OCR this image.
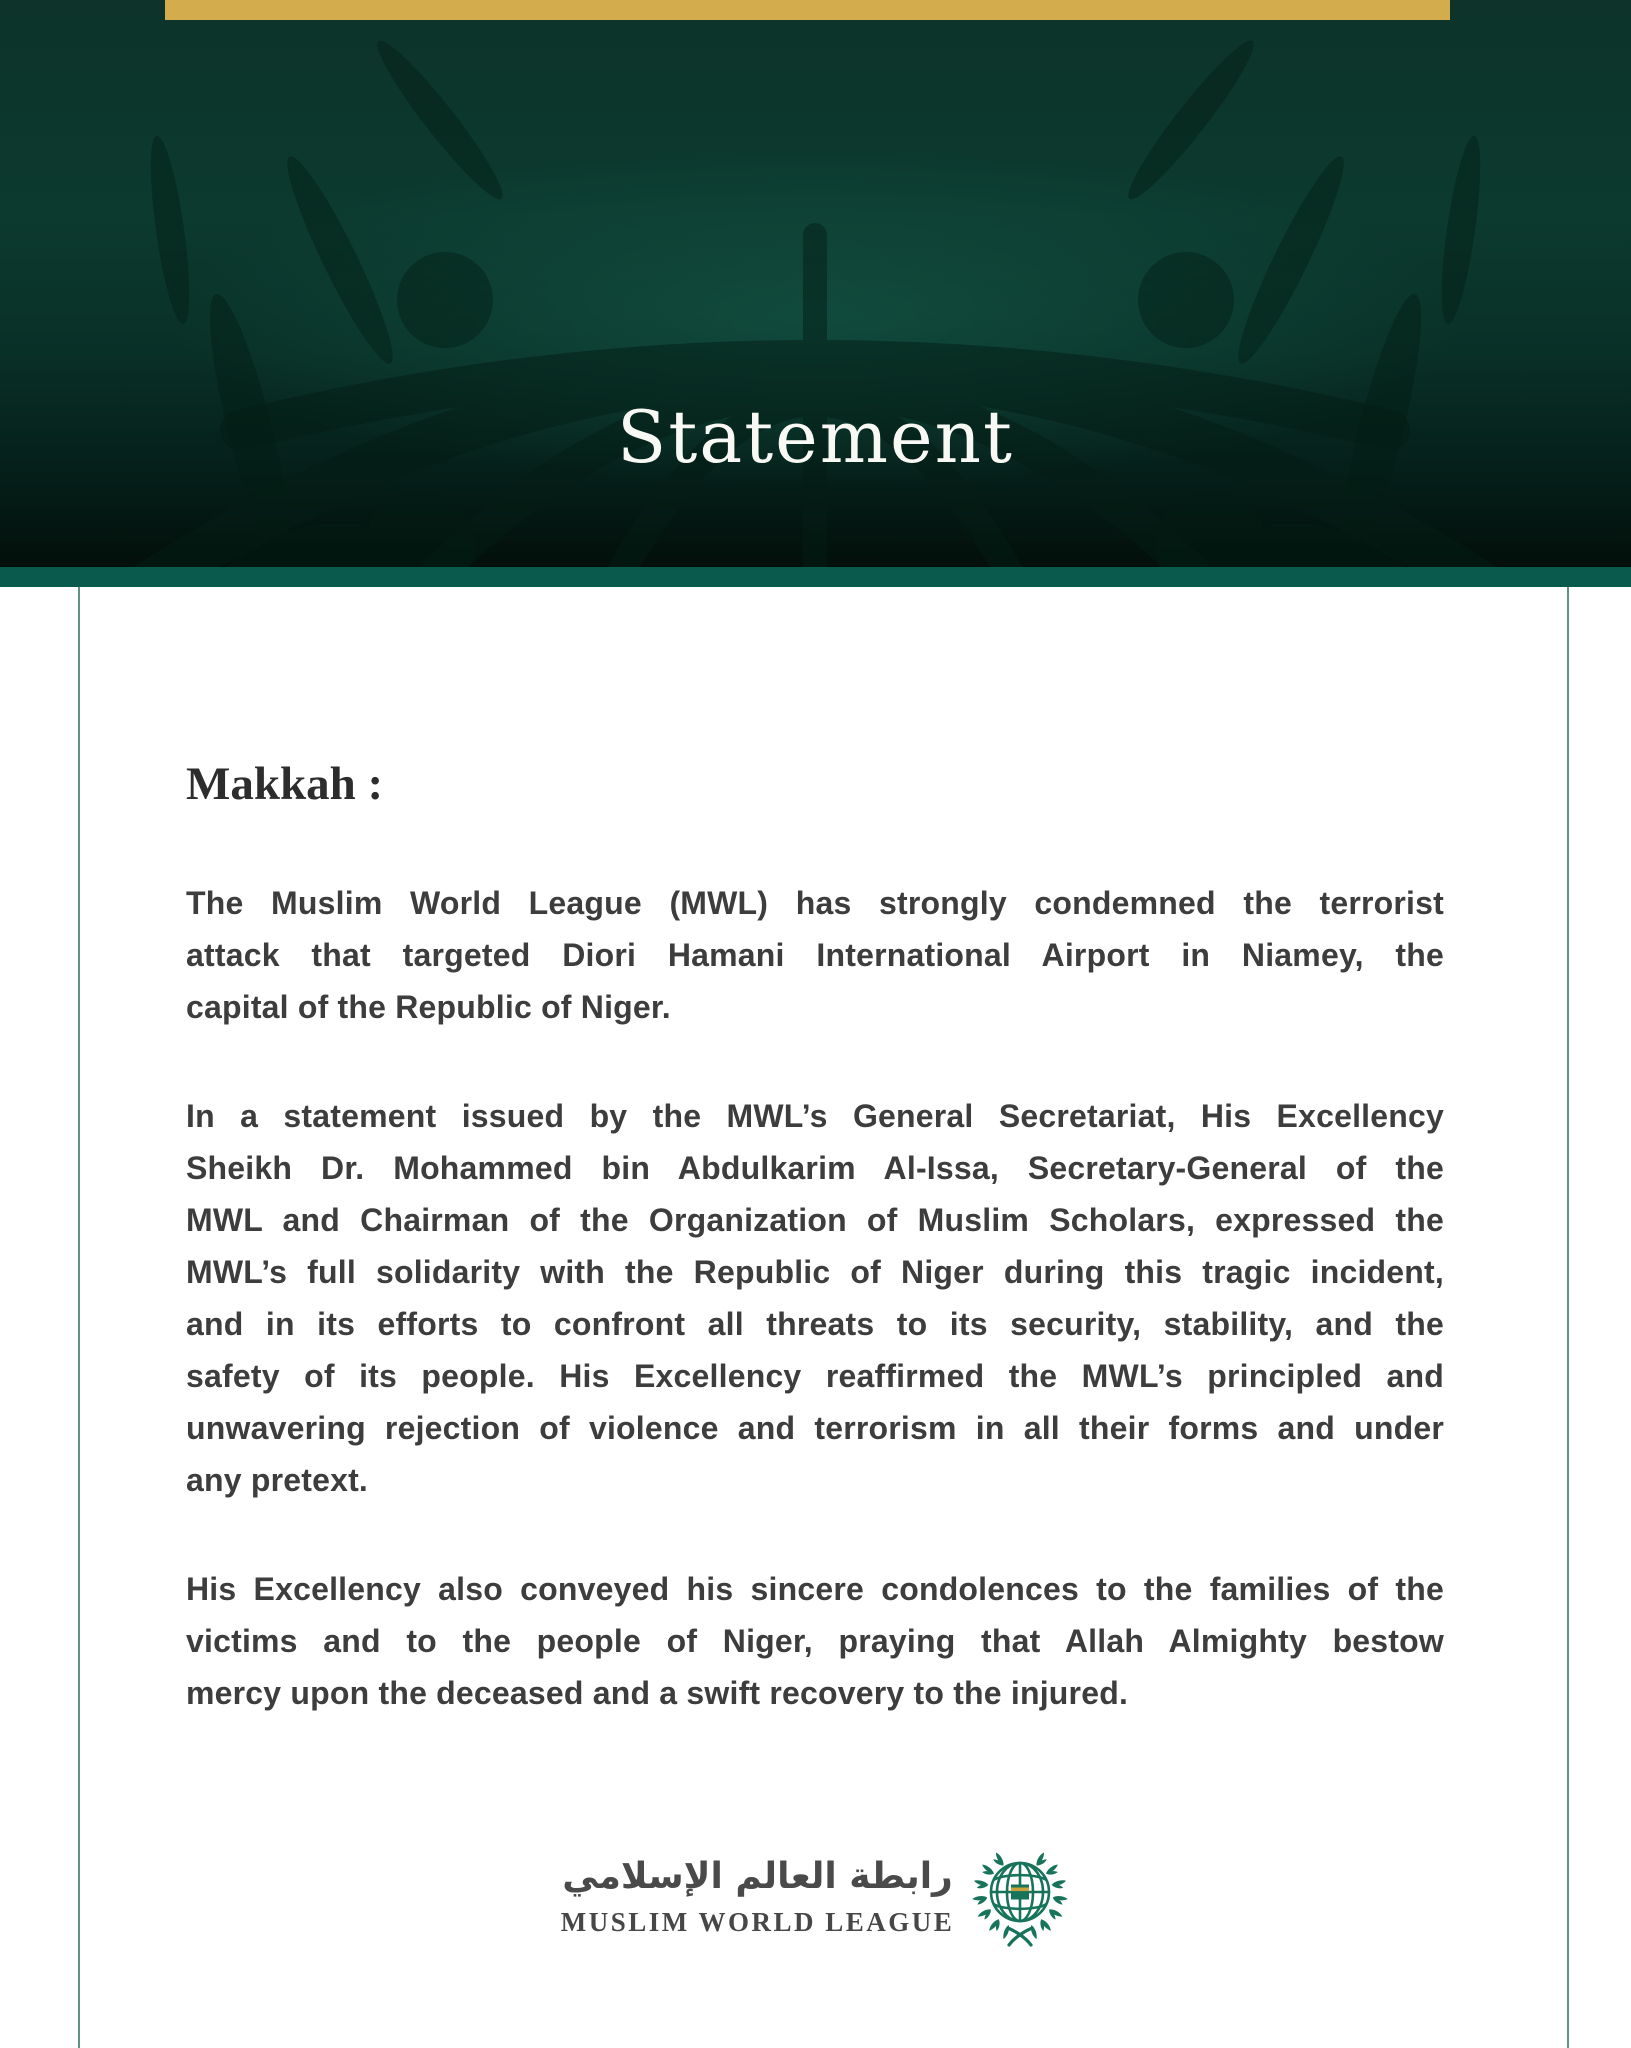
Statement
Makkah :

The Muslim World League (MWL) has strongly condemned the terrorist

attack that targeted Diori Hamani International Airport in Niamey, the

capital of the Republic of Niger.

In a statement issued by the MWL’s General Secretariat, His Excellency

Sheikh Dr. Mohammed bin Abdulkarim Al-Issa, Secretary-General of the

MWL and Chairman of the Organization of Muslim Scholars, expressed the

MWL’s full solidarity with the Republic of Niger during this tragic incident,

and in its efforts to confront all threats to its security, stability, and the

safety of its people. His Excellency reaffirmed the MWL’s principled and

unwavering rejection of violence and terrorism in all their forms and under

any pretext.

His Excellency also conveyed his sincere condolences to the families of the

victims and to the people of Niger, praying that Allah Almighty bestow

mercy upon the deceased and a swift recovery to the injured.

رابطة العالم الإسلامي
MUSLIM WORLD LEAGUE
